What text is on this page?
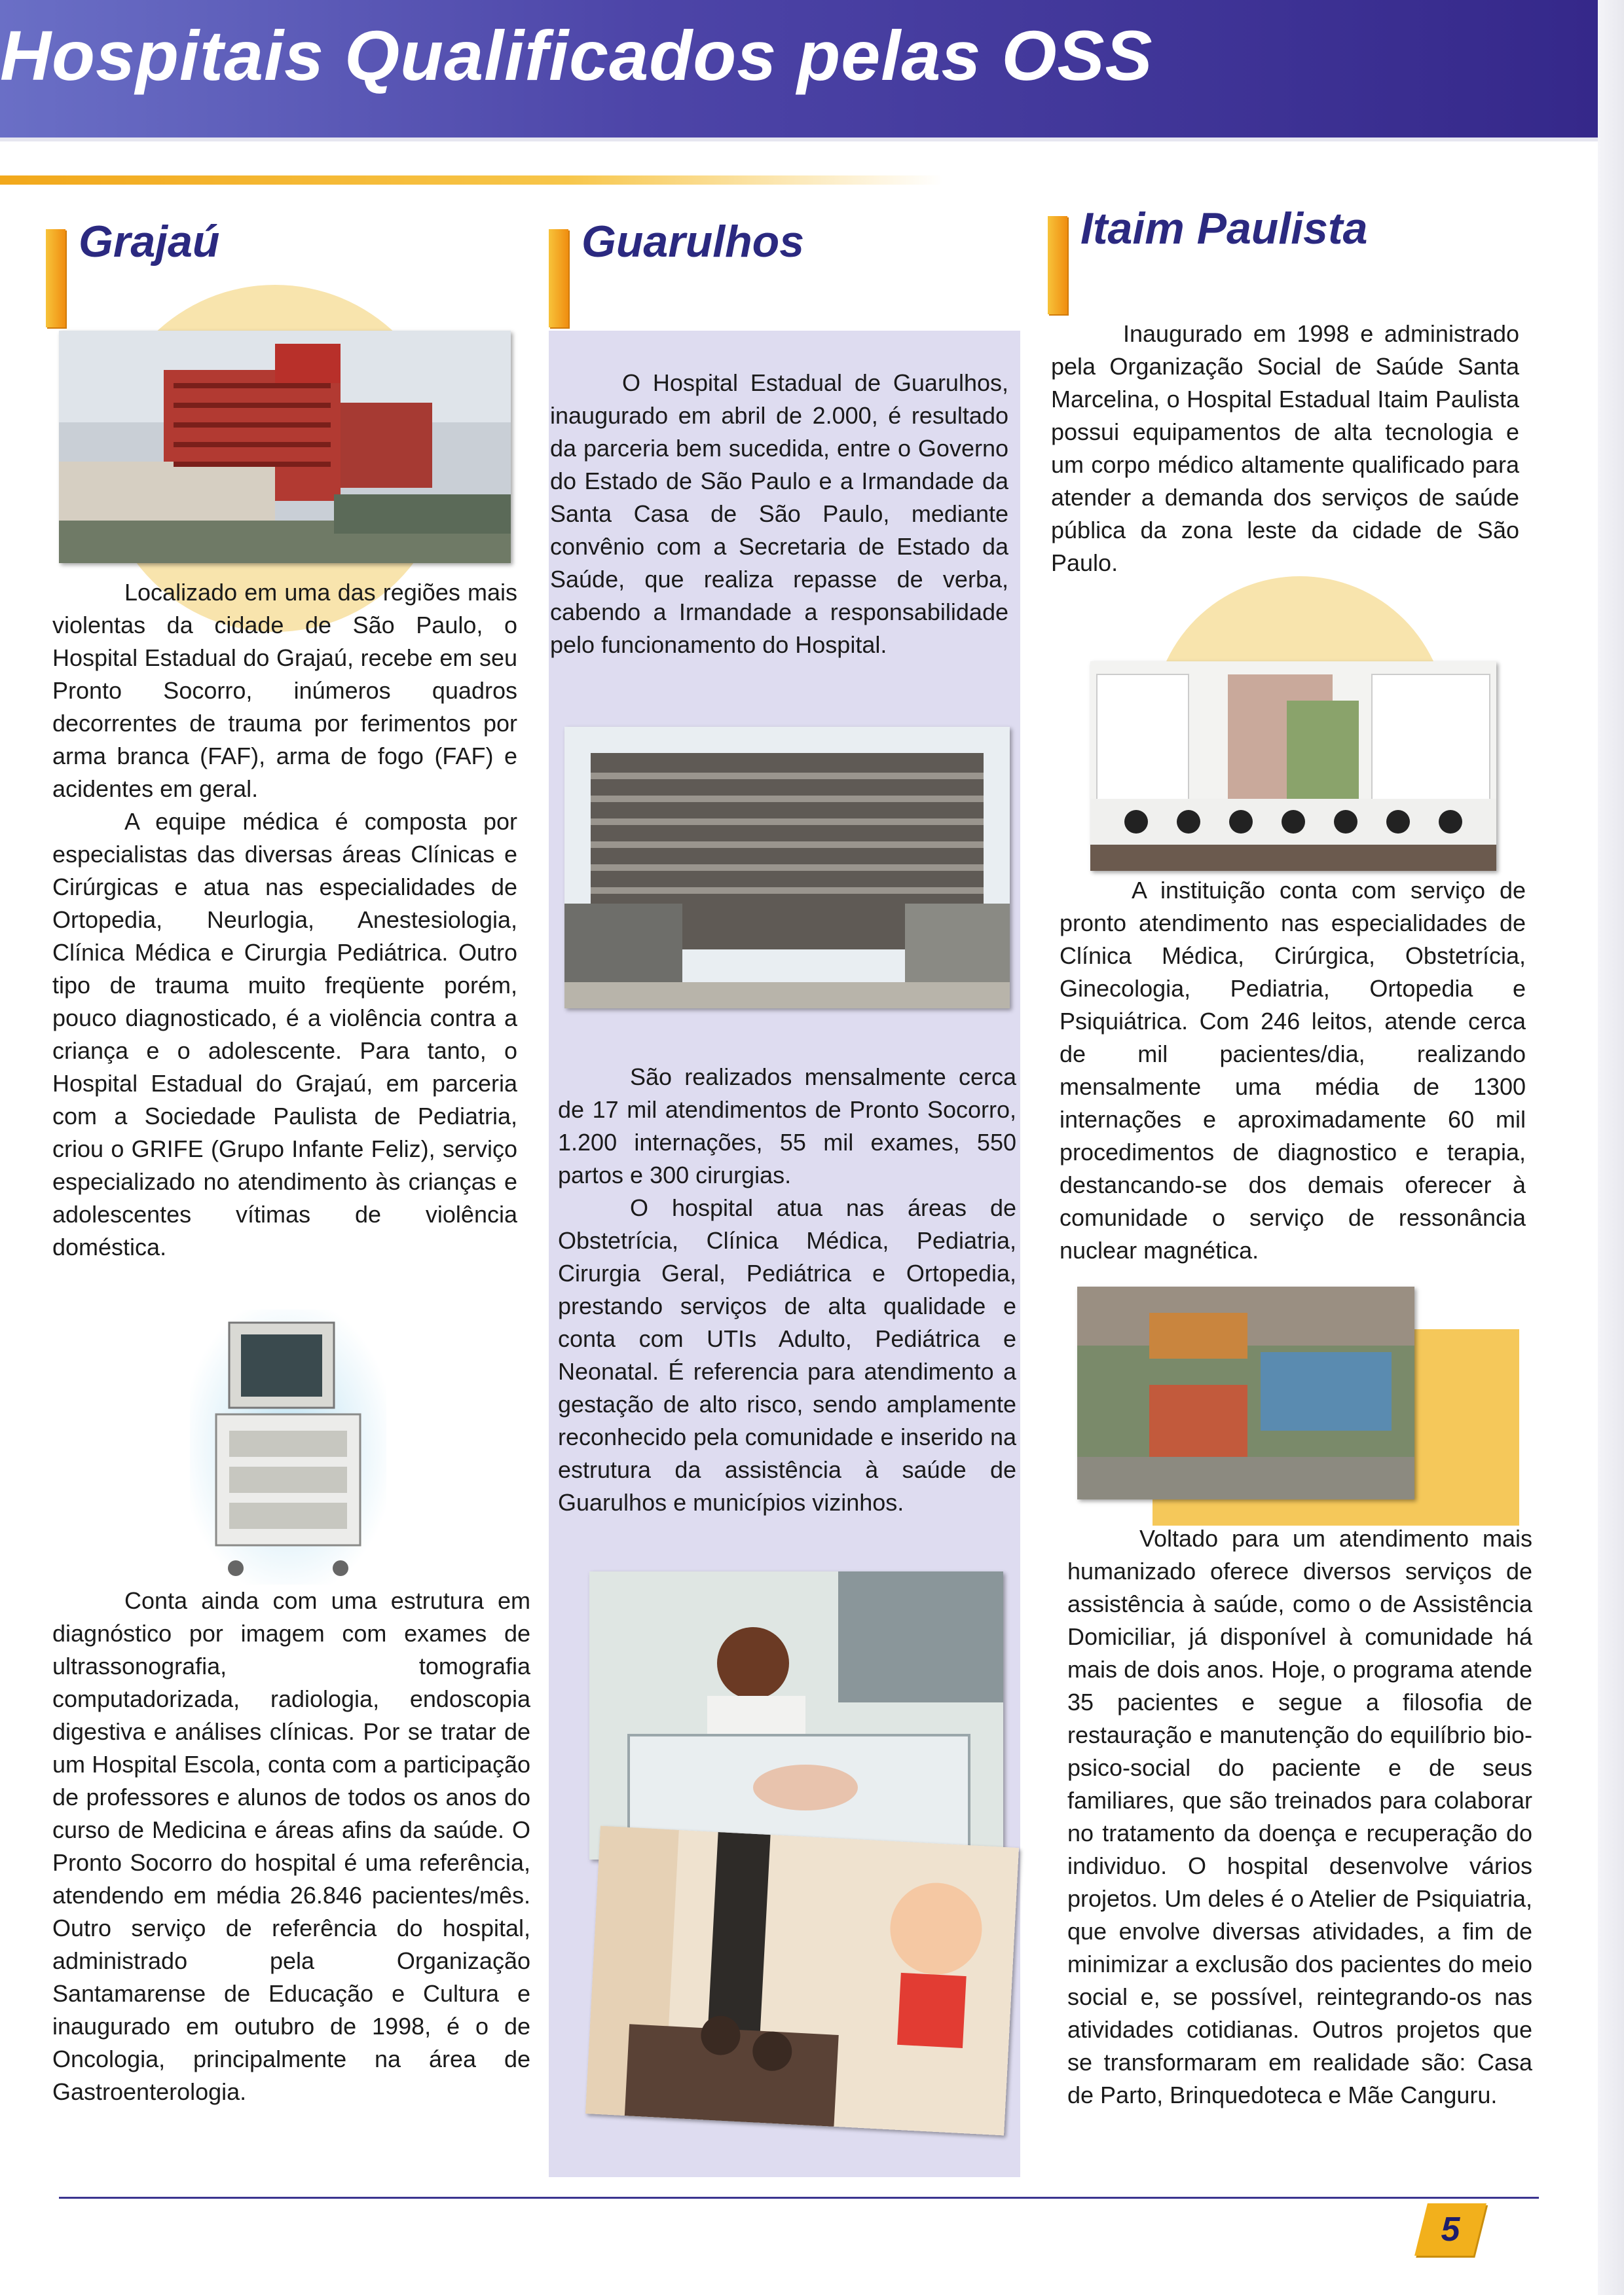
Hospitais Qualificados pelas OSS
Grajaú

Localizado em uma das regiões mais violentas da cidade de São Paulo, o Hospital Estadual do Grajaú, recebe em seu Pronto Socorro, inúmeros quadros decorrentes de trauma por ferimentos por arma branca (FAF), arma de fogo (FAF) e acidentes em geral.

A equipe médica é composta por especialistas das diversas áreas Clínicas e Cirúrgicas e atua nas especialidades de Ortopedia, Neurlogia, Anestesiologia, Clínica Médica e Cirurgia Pediátrica. Outro tipo de trauma muito freqüente porém, pouco diagnosticado, é a violência contra a criança e o adolescente. Para tanto, o Hospital Estadual do Grajaú, em parceria com a Sociedade Paulista de Pediatria, criou o GRIFE (Grupo Infante Feliz), serviço especializado no atendimento às crianças e adolescentes vítimas de violência doméstica.

Conta ainda com uma estrutura em diagnóstico por imagem com exames de ultrassonografia, tomografia computadorizada, radiologia, endoscopia digestiva e análises clínicas. Por se tratar de um Hospital Escola, conta com a participação de professores e alunos de todos os anos do curso de Medicina e áreas afins da saúde. O Pronto Socorro do hospital é uma referência, atendendo em média 26.846 pacientes/mês. Outro serviço de referência do hospital, administrado pela Organização Santamarense de Educação e Cultura e inaugurado em outubro de 1998, é o de Oncologia, principalmente na área de Gastroenterologia.

Guarulhos

O Hospital Estadual de Guarulhos, inaugurado em abril de 2.000, é resultado da parceria bem sucedida, entre o Governo do Estado de São Paulo e a Irmandade da Santa Casa de São Paulo, mediante convênio com a Secretaria de Estado da Saúde, que realiza repasse de verba, cabendo a Irmandade a responsabilidade pelo funcionamento do Hospital.

São realizados mensalmente cerca de 17 mil atendimentos de Pronto Socorro, 1.200 internações, 55 mil exames, 550 partos e 300 cirurgias.

O hospital atua nas áreas de Obstetrícia, Clínica Médica, Pediatria, Cirurgia Geral, Pediátrica e Ortopedia, prestando serviços de alta qualidade e conta com UTIs Adulto, Pediátrica e Neonatal. É referencia para atendimento a gestação de alto risco, sendo amplamente reconhecido pela comunidade e inserido na estrutura da assistência à saúde de Guarulhos e municípios vizinhos.

Itaim Paulista

Inaugurado em 1998 e administrado pela Organização Social de Saúde Santa Marcelina, o Hospital Estadual Itaim Paulista possui equipamentos de alta tecnologia e um corpo médico altamente qualificado para atender a demanda dos serviços de saúde pública da zona leste da cidade de São Paulo.

A instituição conta com serviço de pronto atendimento nas especialidades de Clínica Médica, Cirúrgica, Obstetrícia, Ginecologia, Pediatria, Ortopedia e Psiquiátrica. Com 246 leitos, atende cerca de mil pacientes/dia, realizando mensalmente uma média de 1300 internações e aproximadamente 60 mil procedimentos de diagnostico e terapia, destancando-se dos demais oferecer à comunidade o serviço de ressonância nuclear magnética.

Voltado para um atendimento mais humanizado oferece diversos serviços de assistência à saúde, como o de Assistência Domiciliar, já disponível à comunidade há mais de dois anos. Hoje, o programa atende 35 pacientes e segue a filosofia de restauração e manutenção do equilíbrio bio-psico-social do paciente e de seus familiares, que são treinados para colaborar no tratamento da doença e recuperação do individuo. O hospital desenvolve vários projetos. Um deles é o Atelier de Psiquiatria, que envolve diversas atividades, a fim de minimizar a exclusão dos pacientes do meio social e, se possível, reintegrando-os nas atividades cotidianas. Outros projetos que se transformaram em realidade são: Casa de Parto, Brinquedoteca e Mãe Canguru.

5
